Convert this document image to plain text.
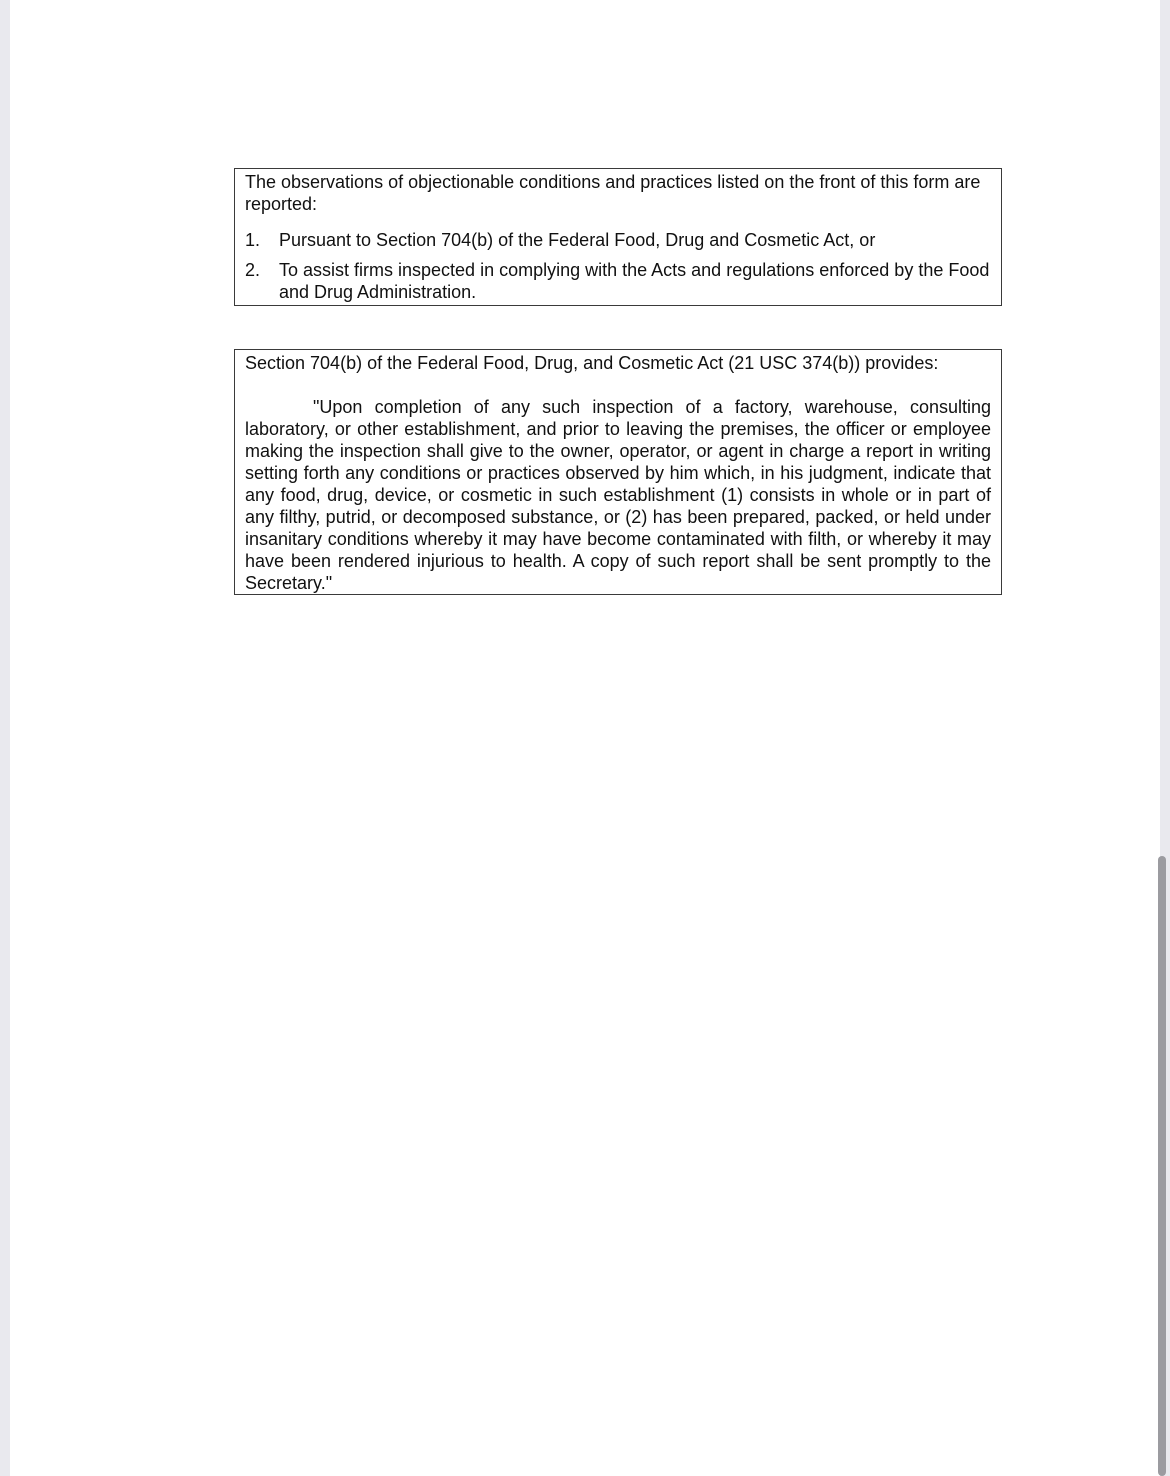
The observations of objectionable conditions and practices listed on the front of this form are reported:

1.	Pursuant to Section 704(b) of the Federal Food, Drug and Cosmetic Act, or
2.	To assist firms inspected in complying with the Acts and regulations enforced by the Food and Drug Administration.

Section 704(b) of the Federal Food, Drug, and Cosmetic Act (21 USC 374(b)) provides:

"Upon completion of any such inspection of a factory, warehouse, consulting laboratory, or other establishment, and prior to leaving the premises, the officer or employee making the inspection shall give to the owner, operator, or agent in charge a report in writing setting forth any conditions or practices observed by him which, in his judgment, indicate that any food, drug, device, or cosmetic in such establishment (1) consists in whole or in part of any filthy, putrid, or decomposed substance, or (2) has been prepared, packed, or held under insanitary conditions whereby it may have become contaminated with filth, or whereby it may have been rendered injurious to health. A copy of such report shall be sent promptly to the Secretary."
